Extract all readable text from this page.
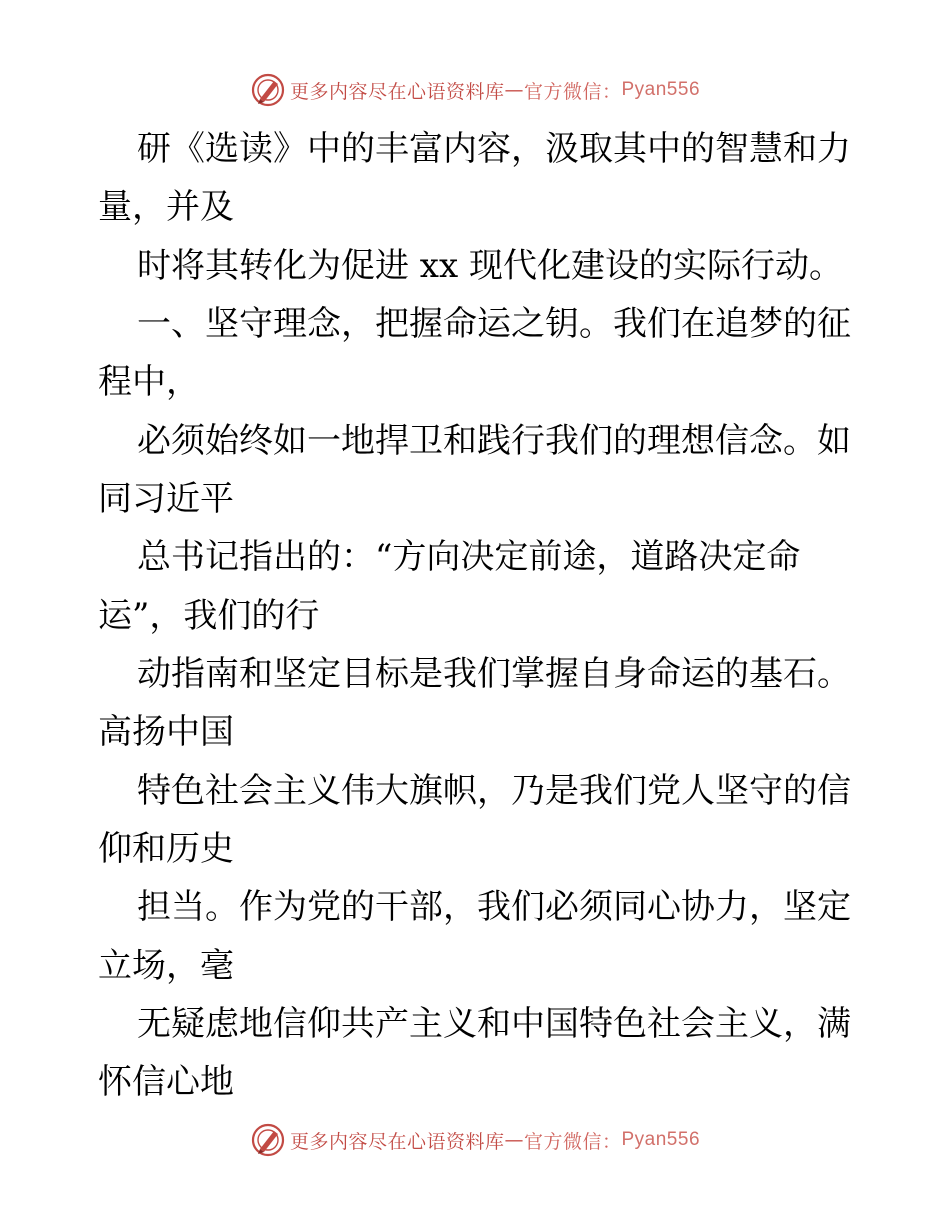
更多内容尽在心语资料库 — 官方微信： Pyan556
研《选读》中的丰富内容，汲取其中的智慧和力
量，并及
时将其转化为促进 xx 现代化建设的实际行动。
一、坚守理念，把握命运之钥。我们在追梦的征
程中，
必须始终如一地捍卫和践行我们的理想信念。如
同习近平
总书记指出的：“方向决定前途，道路决定命
运”，我们的行
动指南和坚定目标是我们掌握自身命运的基石。
高扬中国
特色社会主义伟大旗帜，乃是我们党人坚守的信
仰和历史
担当。作为党的干部，我们必须同心协力，坚定
立场，毫
无疑虑地信仰共产主义和中国特色社会主义，满
怀信心地
更多内容尽在心语资料库 — 官方微信： Pyan556
